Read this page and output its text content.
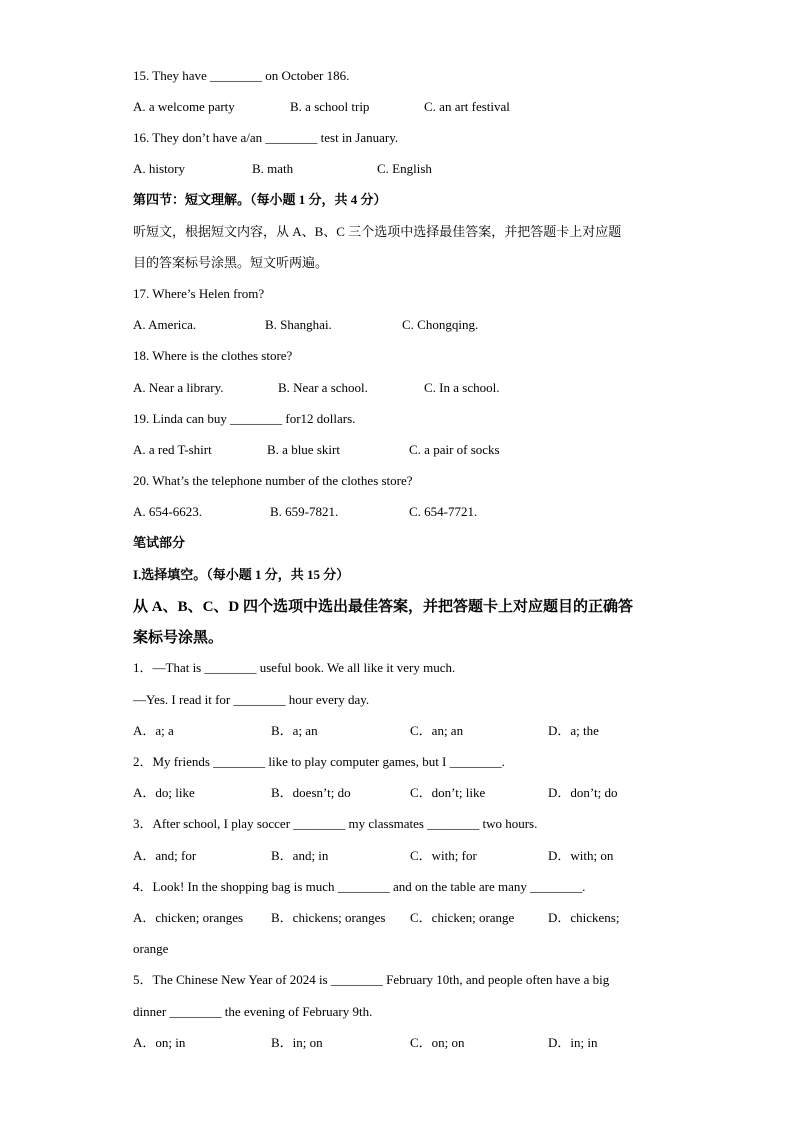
15. They have ________ on October 186.
A. a welcome party	B. a school trip	C. an art festival
16. They don’t have a/an ________ test in January.
A. history	B. math	C. English
第四节：短文理解。（每小题 1 分，共 4 分）
听短文，根据短文内容，从 A、B、C 三个选项中选择最佳答案，并把答题卡上对应题
目的答案标号涂黑。短文听两遍。
17. Where’s Helen from?
A. America.	B. Shanghai.	C. Chongqing.
18. Where is the clothes store?
A. Near a library.	B. Near a school.	C. In a school.
19. Linda can buy ________ for12 dollars.
A. a red T-shirt	B. a blue skirt	C. a pair of socks
20. What’s the telephone number of the clothes store?
A. 654-6623.	B. 659-7821.	C. 654-7721.
笔试部分
I.选择填空。（每小题 1 分，共 15 分）
从 A、B、C、D 四个选项中选出最佳答案，并把答题卡上对应题目的正确答
案标号涂黑。
1．—That is ________ useful book. We all like it very much.
—Yes. I read it for ________ hour every day.
A．a; a	B．a; an	C．an; an	D．a; the
2．My friends ________ like to play computer games, but I ________.
A．do; like	B．doesn’t; do	C．don’t; like	D．don’t; do
3．After school, I play soccer ________ my classmates ________ two hours.
A．and; for	B．and; in	C．with; for	D．with; on
4．Look! In the shopping bag is much ________ and on the table are many ________.
A．chicken; oranges B．chickens; oranges C．chicken; orange	D．chickens;
orange
5．The Chinese New Year of 2024 is ________ February 10th, and people often have a big
dinner ________ the evening of February 9th.
A．on; in	B．in; on	C．on; on	D．in; in
